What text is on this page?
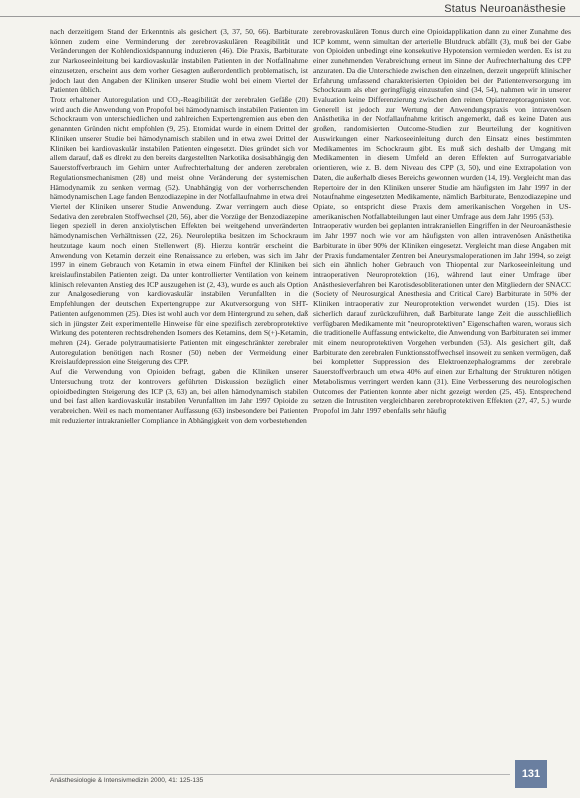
Status Neuroanästhesie

nach derzeitigem Stand der Erkenntnis als gesichert (3, 37, 50, 66). Barbiturate können zudem eine Verminderung der zerebrovaskulären Reagibilität und Veränderungen der Kohlendioxidspannung induzieren (46). Die Praxis, Barbiturate zur Narkoseeinleitung bei kardiovaskulär instabilen Patienten in der Notfallnahme einzusetzen, erscheint aus dem vorher Gesagten außerordentlich problematisch, ist jedoch laut den Angaben der Kliniken unserer Studie wohl bei einem Viertel der Patienten üblich.

Trotz erhaltener Autoregulation und CO₂-Reagibilität der zerebralen Gefäße (20) wird auch die Anwendung von Propofol bei hämodynamisch instabilen Patienten im Schockraum von unterschiedlichen und zahlreichen Expertengremien aus eben den genannten Gründen nicht empfohlen (9, 25). Etomidat wurde in einem Drittel der Kliniken unserer Studie bei hämodynamisch stabilen und in etwa zwei Drittel der Kliniken bei kardiovaskulär instabilen Patienten eingesetzt. Dies gründet sich vor allem darauf, daß es dlrekt zu den bereits dargestellten Narkotika dosisabhängig den Sauerstoffverbrauch im Gehirn unter Aufrechterhaltung der anderen zerebralen Regulationsmechanismen (28) und meist ohne Veränderung der systemischen Hämodynamik zu senken vermag (52). Unabhängig von der vorherrschenden hämodynamischen Lage fanden Benzodiazepine in der Notfallaufnahme in etwa drei Viertel der Kliniken unserer Studie Anwendung. Zwar verringern auch diese Sedativa den zerebralen Stoffwechsel (20, 56), aber die Vorzüge der Benzodiazepine liegen speziell in deren anxiolytischen Effekten bei weitgehend unveränderten hämodynamischen Verhältnissen (22, 26). Neuroleptika besitzen im Schockraum heutzutage kaum noch einen Stellenwert (8). Hierzu konträr erscheint die Anwendung von Ketamin derzeit eine Renaissance zu erleben, was sich im Jahr 1997 in einem Gebrauch von Ketamin in etwa einem Fünftel der Kliniken bei kreislaufinstabilen Patienten zeigt. Da unter kontrollierter Ventilation von keinem klinisch relevanten Anstieg des ICP auszugehen ist (2, 43), wurde es auch als Option zur Analgosedierung von kardiovaskulär instabilen Verunfallten in die Empfehlungen der deutschen Expertengruppe zur Akutversorgung von SHT-Patienten aufgenommen (25). Dies ist wohl auch vor dem Hintergrund zu sehen, daß sich in jüngster Zeit experimentelle Hinweise für eine spezifisch zerebroprotektive Wirkung des potenteren rechtsdrehenden Isomers des Ketamins, dem S(+)-Ketamin, mehren (24). Gerade polytraumatisierte Patienten mit eingeschränkter zerebraler Autoregulation benötigen nach Rosner (50) neben der Vermeidung einer Kreislaufdepression eine Steigerung des CPP.

Auf die Verwendung von Opioiden befragt, gaben die Kliniken unserer Untersuchung trotz der kontrovers geführten Diskussion bezüglich einer opioidbedingten Steigerung des ICP (3, 63) an, bei allen hämodynamisch stabilen und bei fast allen kardiovaskulär instabilen Verunfallten im Jahr 1997 Opioide zu verabreichen. Weil es nach momentaner Auffassung (63) insbesondere bei Patienten mit reduzierter intrakranieller Compliance in Abhängigkeit von dem vorbestehenden

zerebrovaskulären Tonus durch eine Opioidapplikation dann zu einer Zunahme des ICP kommt, wenn simultan der arterielle Blutdruck abfällt (3), muß bei der Gabe von Opioiden unbedingt eine konsekutive Hypotension vermieden werden. Es ist zu einer zunehmenden Verabreichung erneut im Sinne der Aufrechterhaltung des CPP anzuraten. Da die Unterschiede zwischen den einzelnen, derzeit ungeprüft klinischer Erfahrung umfassend charakterisierten Opioiden bei der Patientenversorgung im Schockraum als eher geringfügig einzustufen sind (34, 54), nahmen wir in unserer Evaluation keine Differenzierung zwischen den reinen Opiatrezeptoragonisten vor. Generell ist jedoch zur Wertung der Anwendungspraxis von intravenösen Anästhetika in der Notfallaufnahme kritisch angemerkt, daß es keine Daten aus großen, randomisierten Outcome-Studien zur Beurteilung der kognitiven Auswirkungen einer Narkoseeinleitung durch den Einsatz eines bestimmten Medikamentes im Schockraum gibt. Es muß sich deshalb der Umgang mit Medikamenten in diesem Umfeld an deren Effekten auf Surrogatvariable orientieren, wie z. B. dem Niveau des CPP (3, 50), und eine Extrapolation von Daten, die außerhalb dieses Bereichs gewonnen wurden (14, 19). Vergleicht man das Repertoire der in den Kliniken unserer Studie am häufigsten im Jahr 1997 in der Notaufnahme eingesetzten Medikamente, nämlich Barbiturate, Benzodiazepine und Opiate, so entspricht diese Praxis dem amerikanischen Vorgehen in US-amerikanischen Notfallabteilungen laut einer Umfrage aus dem Jahr 1995 (53).

Intraoperativ wurden bei geplanten intrakraniellen Eingriffen in der Neuroanästhesie im Jahr 1997 noch wie vor am häufigsten von allen intravenösen Anästhetika Barbiturate in über 90% der Kliniken eingesetzt. Vergleicht man diese Angaben mit der Praxis fundamentaler Zentren bei Aneurysmaloperationen im Jahr 1994, so zeigt sich ein ähnlich hoher Gebrauch von Thiopental zur Narkoseeinleitung und intraoperativen Neuroprotektion (16), während laut einer Umfrage über Anästhesieverfahren bei Karotisdesobliterationen unter den Mitgliedern der SNACC (Society of Neurosurgical Anesthesia and Critical Care) Barbiturate in 50% der Kliniken intraoperativ zur Neuroprotektion verwendet wurden (15). Dies ist sicherlich darauf zurückzuführen, daß Barbiturate lange Zeit die ausschließlich verfügbaren Medikamente mit "neuroprotektiven" Eigenschaften waren, woraus sich die traditionelle Auffassung entwickelte, die Anwendung von Barbituraten sei immer mit einem neuroprotektiven Vorgehen verbunden (53). Als gesichert gilt, daß Barbiturate den zerebralen Funktionsstoffwechsel insoweit zu senken vermögen, daß bei kompletter Suppression des Elektroenzephalogramms der zerebrale Sauerstoffverbrauch um etwa 40% auf einen zur Erhaltung der Strukturen nötigen Metabolismus verringert werden kann (31). Eine Verbesserung des neurologischen Outcomes der Patienten konnte aber nicht gezeigt werden (25, 45). Entsprechend setzen die Intrustiten vergleichbaren zerebroprotektiven Effekten (27, 47, 5.) wurde Propofol im Jahr 1997 ebenfalls sehr häufig

Anästhesiologie & Intensivmedizin 2000, 41: 125-135
131
